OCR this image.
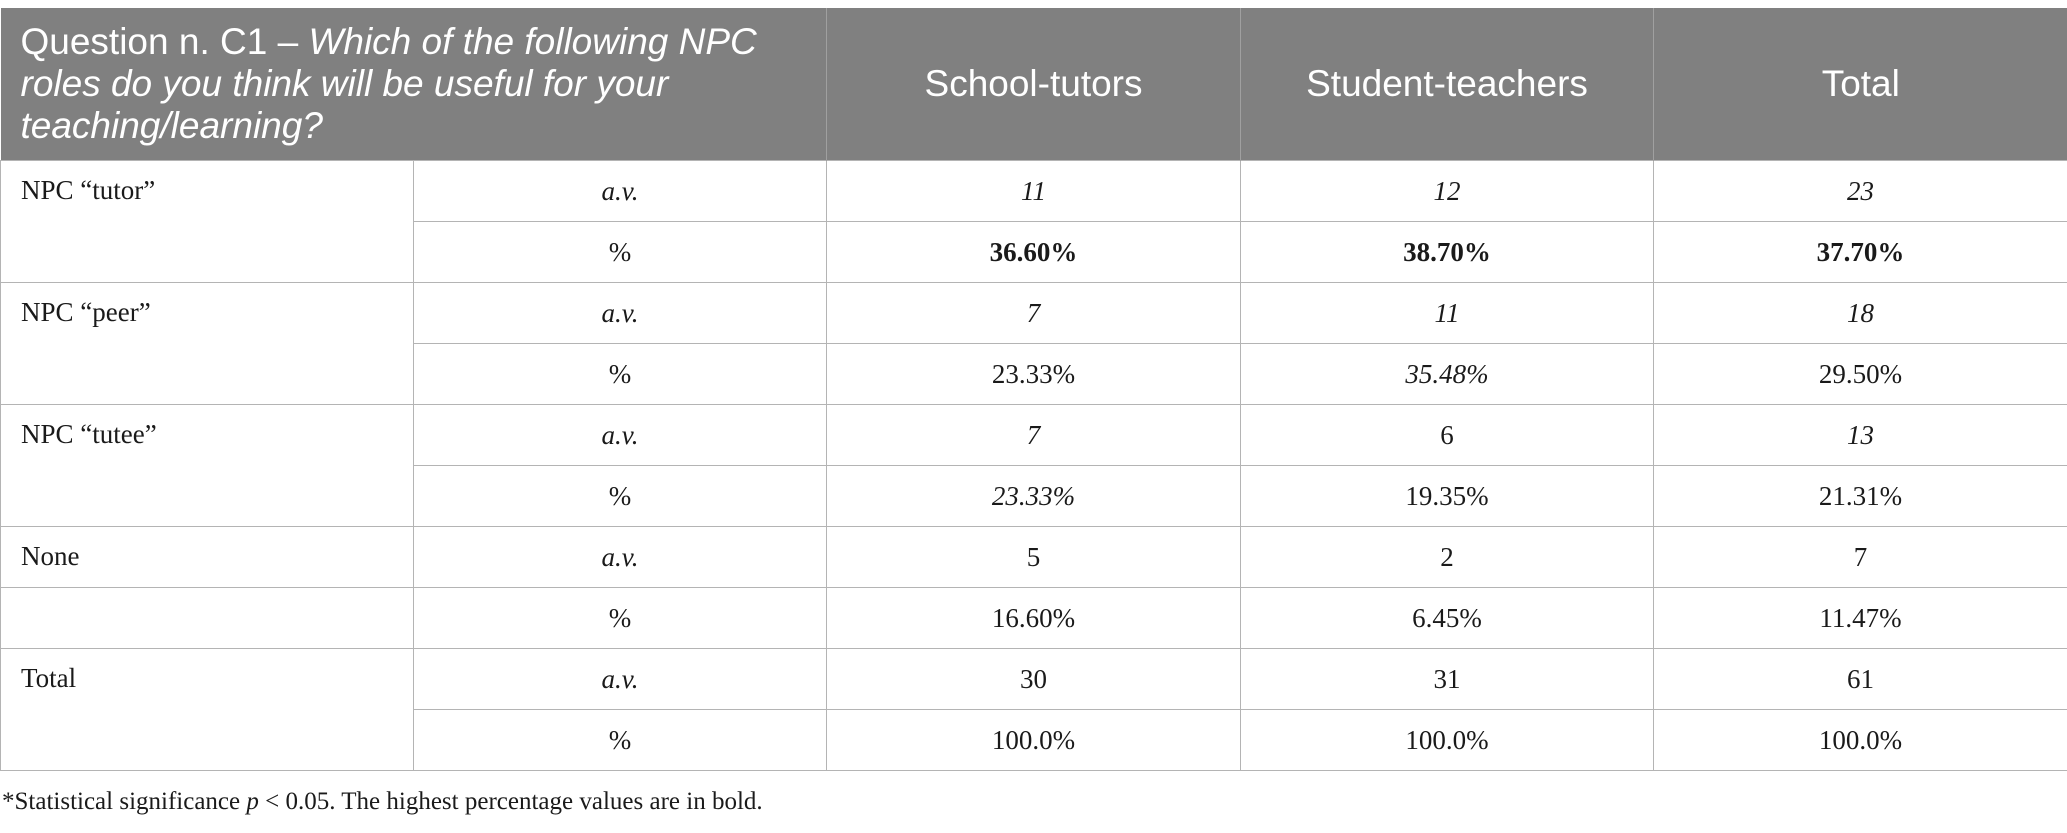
Question n. C1 – Which of the following NPC roles do you think will be useful for your teaching/learning?		School-tutors	Student-teachers	Total
NPC “tutor”	a.v.	11	12	23
	%	36.60%	38.70%	37.70%
NPC “peer”	a.v.	7	11	18
	%	23.33%	35.48%	29.50%
NPC “tutee”	a.v.	7	6	13
	%	23.33%	19.35%	21.31%
None	a.v.	5	2	7
	%	16.60%	6.45%	11.47%
Total	a.v.	30	31	61
	%	100.0%	100.0%	100.0%
*Statistical significance p < 0.05. The highest percentage values are in bold.
